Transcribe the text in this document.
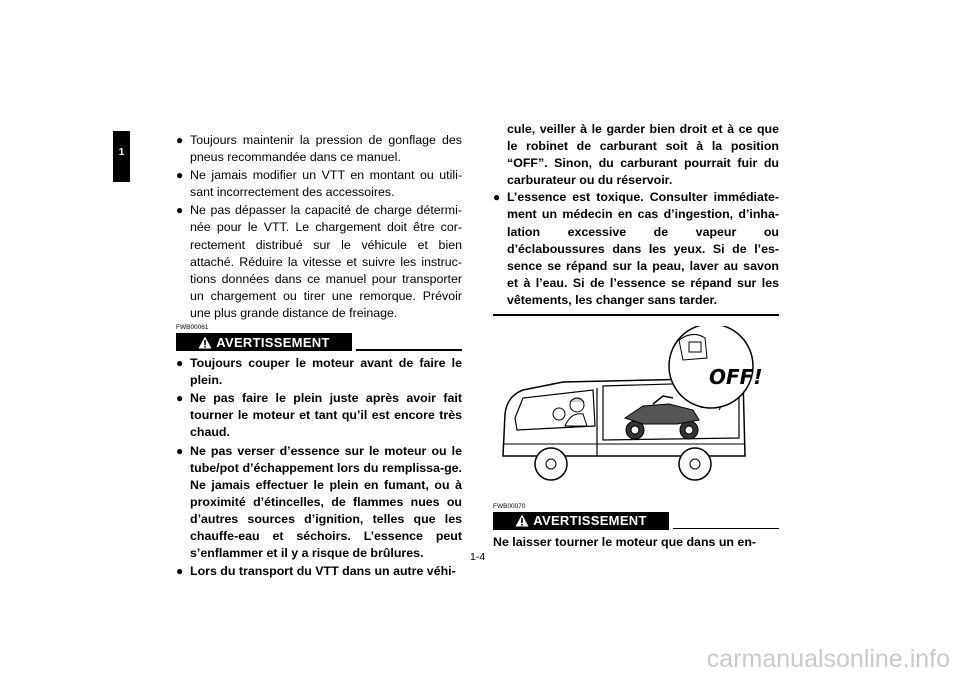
1
● Toujours maintenir la pression de gonflage des pneus recommandée dans ce manuel.
● Ne jamais modifier un VTT en montant ou utili-sant incorrectement des accessoires.
● Ne pas dépasser la capacité de charge détermi-née pour le VTT. Le chargement doit être cor-rectement distribué sur le véhicule et bien attaché. Réduire la vitesse et suivre les instruc-tions données dans ce manuel pour transporter un chargement ou tirer une remorque. Prévoir une plus grande distance de freinage.
FWB00061
AVERTISSEMENT
● Toujours couper le moteur avant de faire le plein.
● Ne pas faire le plein juste après avoir fait tourner le moteur et tant qu’il est encore très chaud.
● Ne pas verser d’essence sur le moteur ou le tube/pot d’échappement lors du remplissa-ge. Ne jamais effectuer le plein en fumant, ou à proximité d’étincelles, de flammes nues ou d’autres sources d’ignition, telles que les chauffe-eau et séchoirs. L’essence peut s’enflammer et il y a risque de brûlures.
● Lors du transport du VTT dans un autre véhi-
cule, veiller à le garder bien droit et à ce que le robinet de carburant soit à la position “OFF”. Sinon, du carburant pourrait fuir du carburateur ou du réservoir.
● L’essence est toxique. Consulter immédiate-ment un médecin en cas d’ingestion, d’inha-lation excessive de vapeur ou d’éclaboussures dans les yeux. Si de l’es-sence se répand sur la peau, laver au savon et à l’eau. Si de l’essence se répand sur les vêtements, les changer sans tarder.
OFF!
FWB00070
AVERTISSEMENT
Ne laisser tourner le moteur que dans un en-
1-4
carmanualsonline.info
